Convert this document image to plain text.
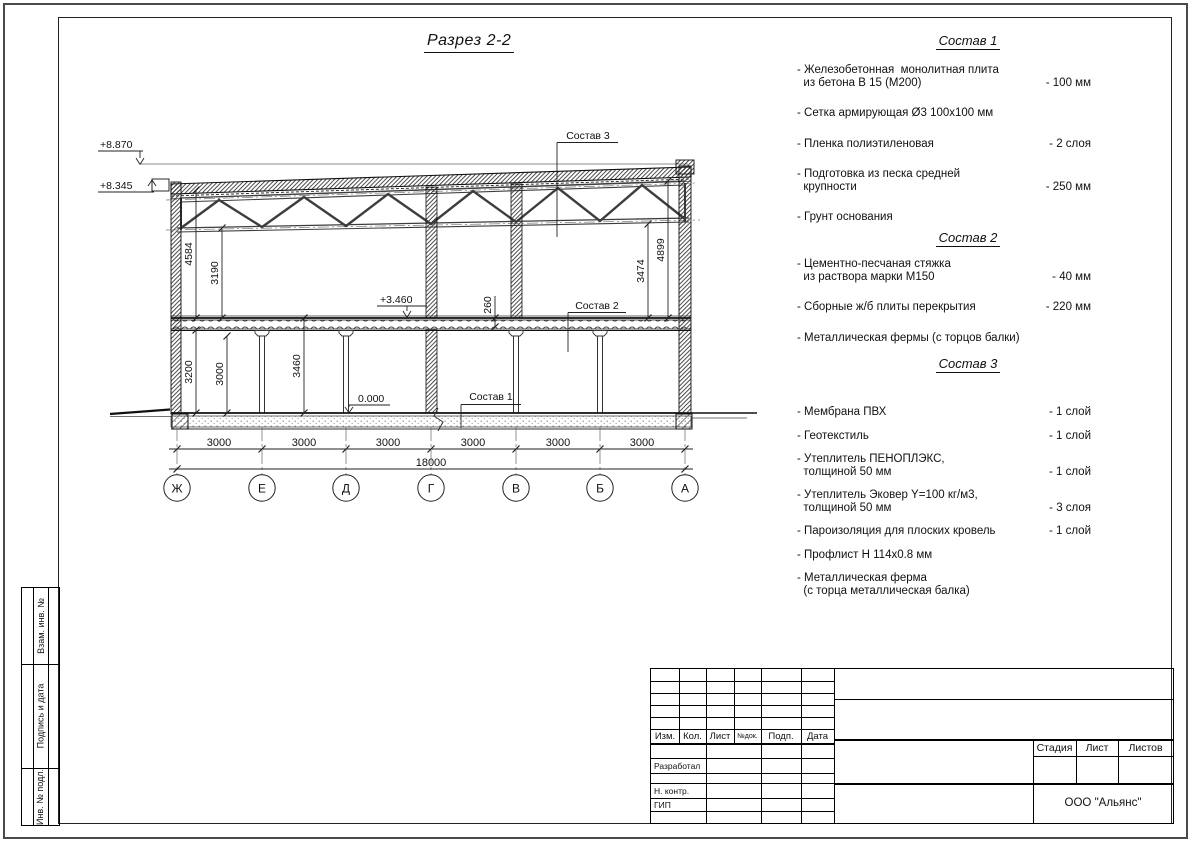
Разрез 2-2
3000	3000	3000	3000	3000	3000
18000
Ж	Е	Д	Г	В	Б	А
4584
3190
260
3474
4899
3200 3000	3460
+8.870
+8.345
+3.460
0.000
Состав 3
Состав 2
Состав 1
Состав 1
- Железобетонная  монолитная плита
из бетона В 15 (М200)	- 100 мм
- Сетка армирующая Ø3 100х100 мм
- Пленка полиэтиленовая	- 2 слоя
- Подготовка из песка средней
крупности	- 250 мм
- Грунт основания
Состав 2
- Цементно-песчаная стяжка
из раствора марки М150	- 40 мм
- Сборные ж/б плиты перекрытия	- 220 мм
- Металлическая фермы (с торцов балки)
Состав 3
- Мембрана ПВХ	- 1 слой
- Геотекстиль	- 1 слой
- Утеплитель ПЕНОПЛЭКС,
толщиной 50 мм	- 1 слой
- Утеплитель Эковер Y=100 кг/м3,
толщиной 50 мм	- 3 слоя
- Пароизоляция для плоских кровель	- 1 слой
- Профлист Н 114х0.8 мм
- Металлическая ферма
(с торца металлическая балка)
Изм. Кол. Лист №док.	Подп.	Дата
Разработал
Н. контр.
ГИП
Стадия	Лист	Листов
ООО "Альянс"
Взам. инв. №
Подпись и дата
Инв. № подл.
